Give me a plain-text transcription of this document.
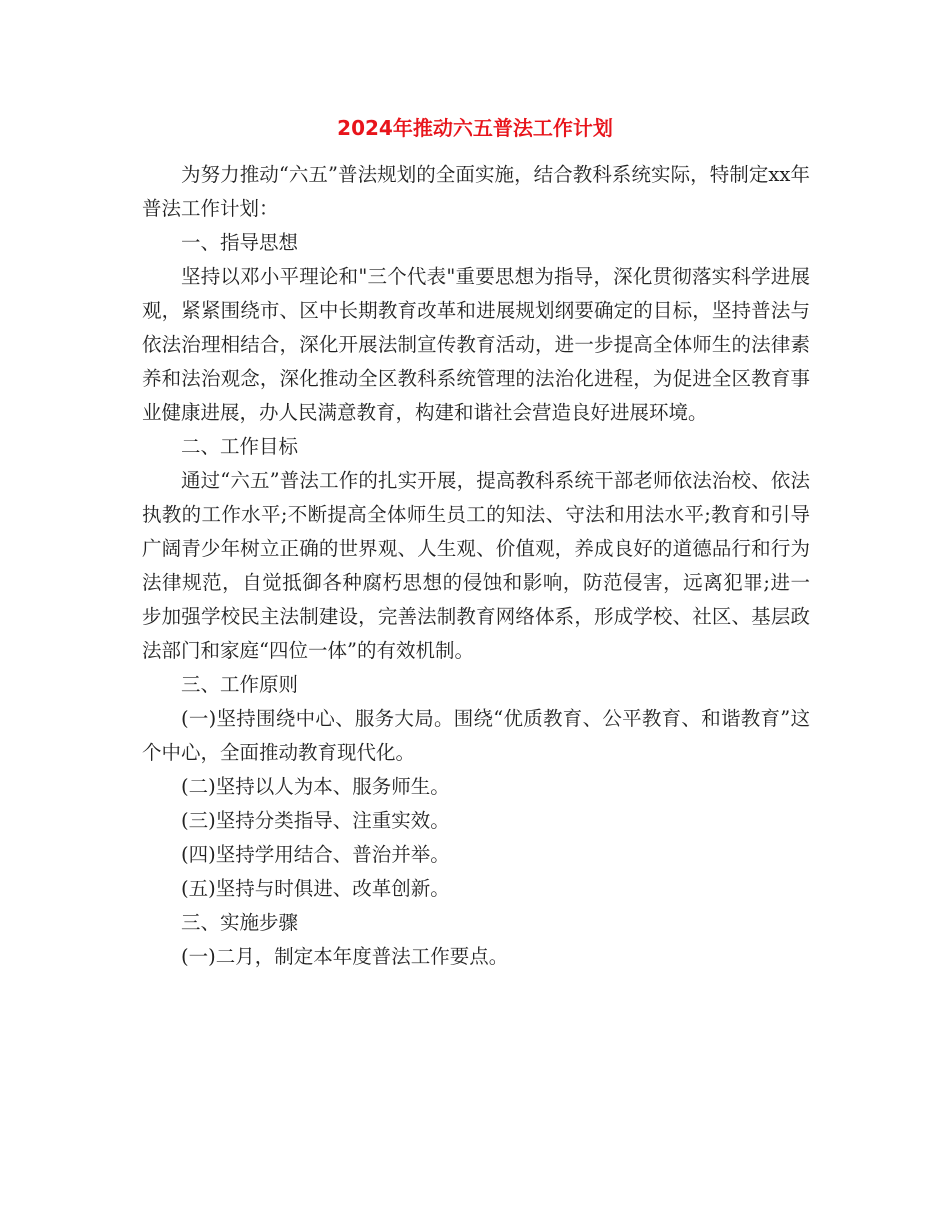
2024年推动六五普法工作计划

为努力推动“六五”普法规划的全面实施，结合教科系统实际，特制定xx年普法工作计划：

一、指导思想

坚持以邓小平理论和"三个代表"重要思想为指导，深化贯彻落实科学进展观，紧紧围绕市、区中长期教育改革和进展规划纲要确定的目标，坚持普法与依法治理相结合，深化开展法制宣传教育活动，进一步提高全体师生的法律素养和法治观念，深化推动全区教科系统管理的法治化进程，为促进全区教育事业健康进展，办人民满意教育，构建和谐社会营造良好进展环境。

二、工作目标

通过“六五”普法工作的扎实开展，提高教科系统干部老师依法治校、依法执教的工作水平;不断提高全体师生员工的知法、守法和用法水平;教育和引导广阔青少年树立正确的世界观、人生观、价值观，养成良好的道德品行和行为法律规范，自觉抵御各种腐朽思想的侵蚀和影响，防范侵害，远离犯罪;进一步加强学校民主法制建设，完善法制教育网络体系，形成学校、社区、基层政法部门和家庭“四位一体”的有效机制。

三、工作原则

(一)坚持围绕中心、服务大局。围绕“优质教育、公平教育、和谐教育”这个中心，全面推动教育现代化。

(二)坚持以人为本、服务师生。

(三)坚持分类指导、注重实效。

(四)坚持学用结合、普治并举。

(五)坚持与时俱进、改革创新。

三、实施步骤

(一)二月，制定本年度普法工作要点。
